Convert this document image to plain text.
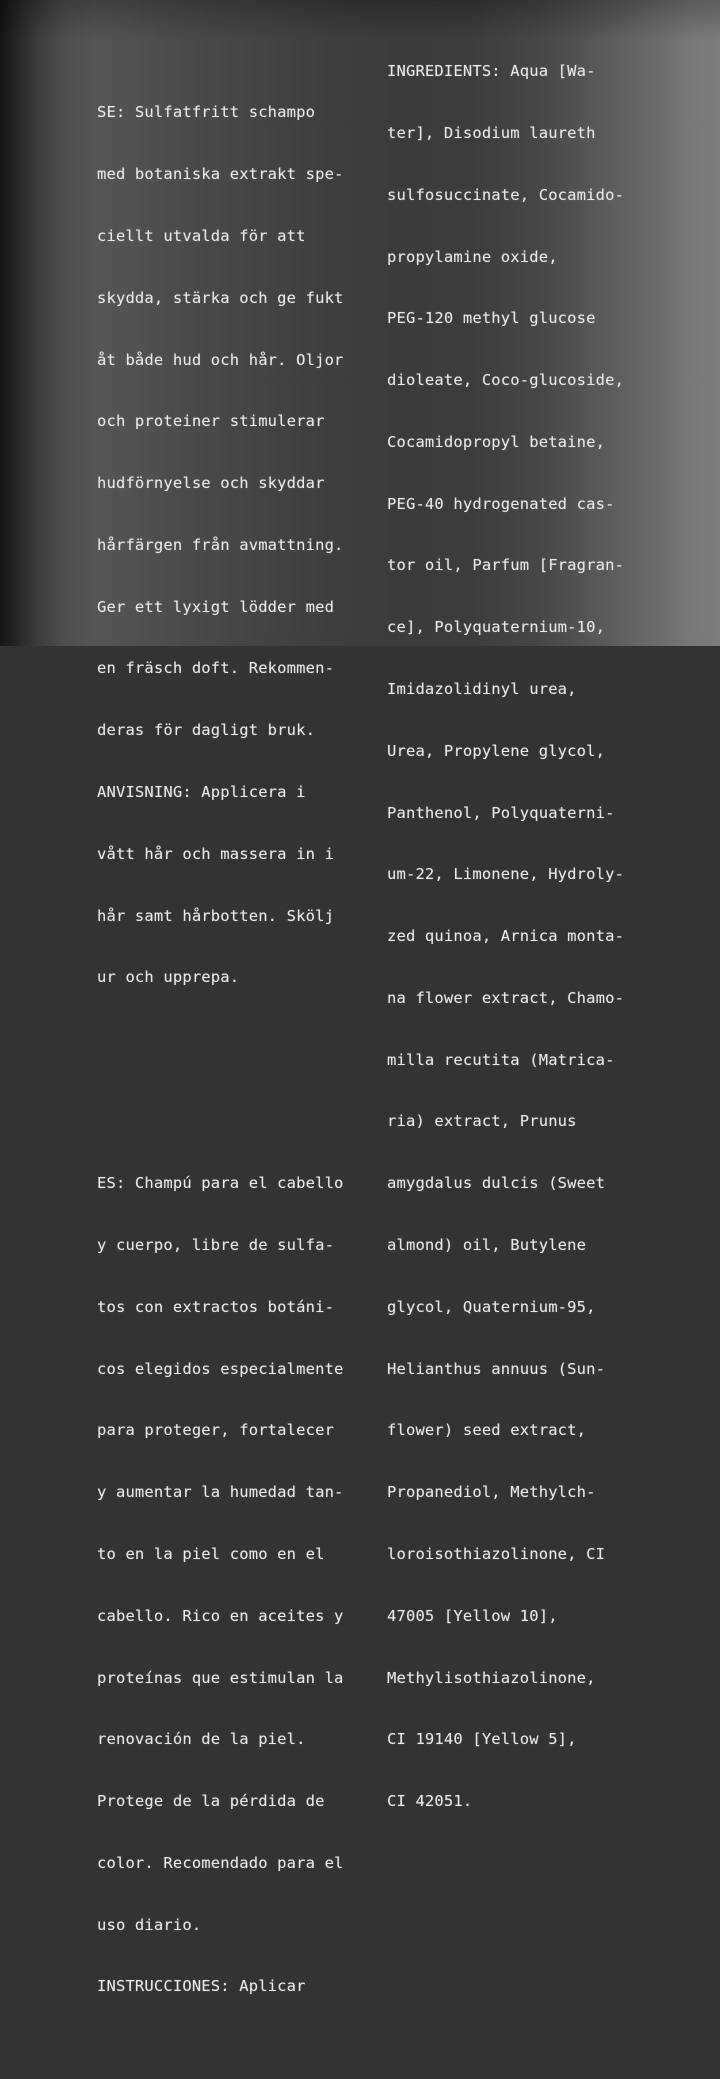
SE: Sulfatfritt schampo

med botaniska extrakt spe-

ciellt utvalda för att

skydda, stärka och ge fukt

åt både hud och hår. Oljor

och proteiner stimulerar

hudförnyelse och skyddar

hårfärgen från avmattning.

Ger ett lyxigt lödder med

en fräsch doft. Rekommen-

deras för dagligt bruk.

ANVISNING: Applicera i

vått hår och massera in i

hår samt hårbotten. Skölj

ur och upprepa.

ES: Champú para el cabello

y cuerpo, libre de sulfa-

tos con extractos botáni-

cos elegidos especialmente

para proteger, fortalecer

y aumentar la humedad tan-

to en la piel como en el

cabello. Rico en aceites y

proteínas que estimulan la

renovación de la piel.

Protege de la pérdida de

color. Recomendado para el

uso diario.

INSTRUCCIONES: Aplicar

INGREDIENTS: Aqua [Wa-

ter], Disodium laureth

sulfosuccinate, Cocamido-

propylamine oxide,

PEG-120 methyl glucose

dioleate, Coco-glucoside,

Cocamidopropyl betaine,

PEG-40 hydrogenated cas-

tor oil, Parfum [Fragran-

ce], Polyquaternium-10,

Imidazolidinyl urea,

Urea, Propylene glycol,

Panthenol, Polyquaterni-

um-22, Limonene, Hydroly-

zed quinoa, Arnica monta-

na flower extract, Chamo-

milla recutita (Matrica-

ria) extract, Prunus

amygdalus dulcis (Sweet

almond) oil, Butylene

glycol, Quaternium-95,

Helianthus annuus (Sun-

flower) seed extract,

Propanediol, Methylch-

loroisothiazolinone, CI

47005 [Yellow 10],

Methylisothiazolinone,

CI 19140 [Yellow 5],

CI 42051.
